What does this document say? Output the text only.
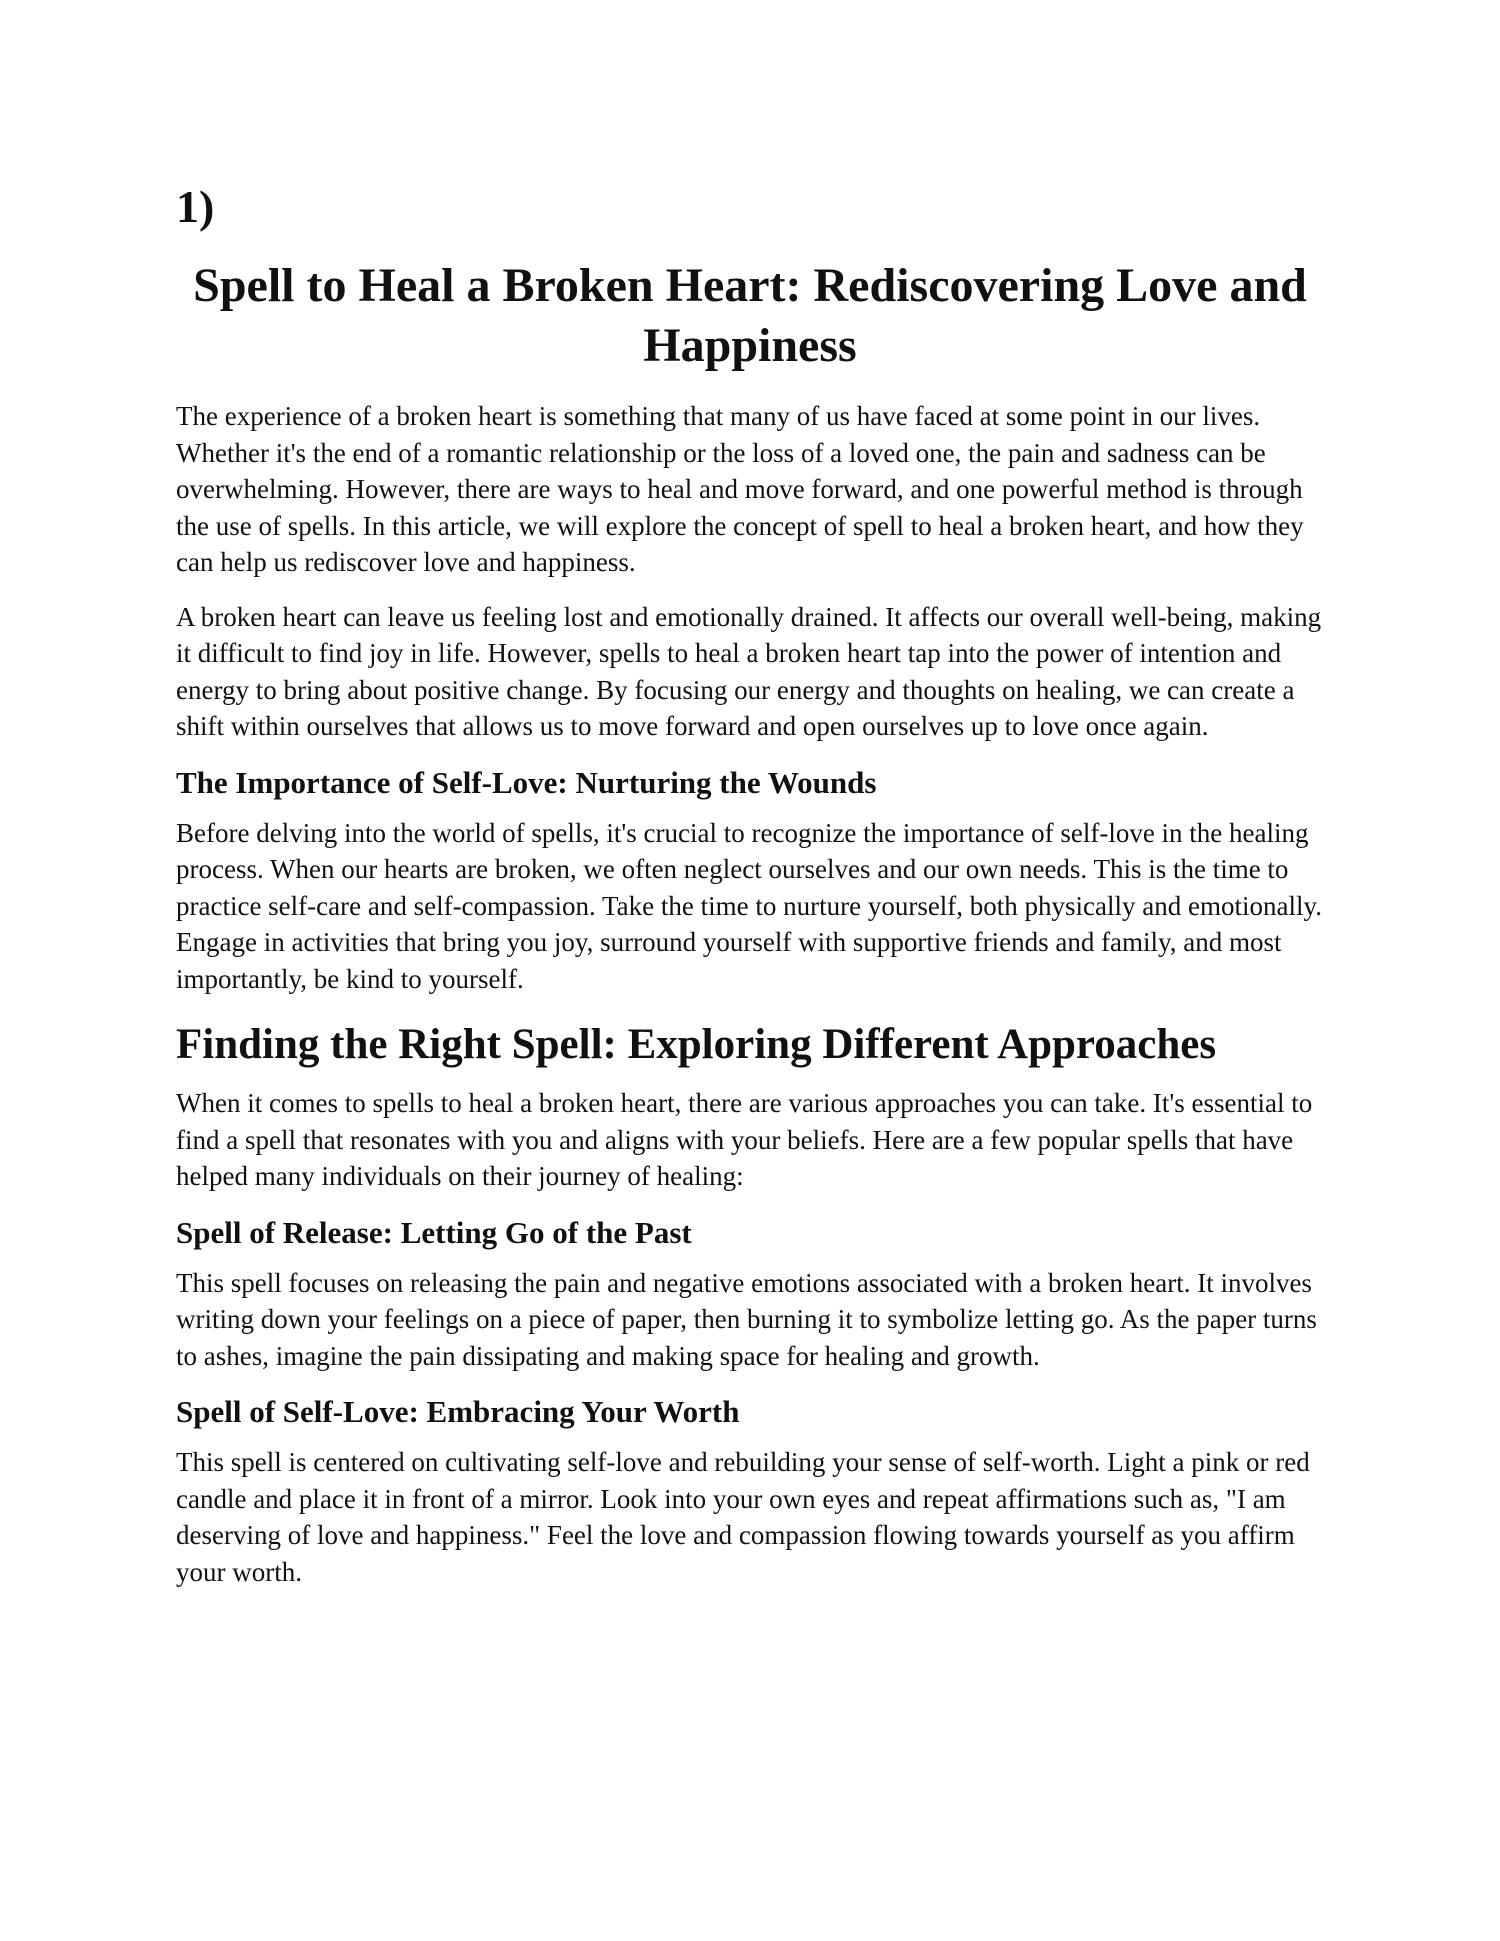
1)
Spell to Heal a Broken Heart: Rediscovering Love and Happiness

The experience of a broken heart is something that many of us have faced at some point in our lives. Whether it's the end of a romantic relationship or the loss of a loved one, the pain and sadness can be overwhelming. However, there are ways to heal and move forward, and one powerful method is through the use of spells. In this article, we will explore the concept of spell to heal a broken heart, and how they can help us rediscover love and happiness.

A broken heart can leave us feeling lost and emotionally drained. It affects our overall well-being, making it difficult to find joy in life. However, spells to heal a broken heart tap into the power of intention and energy to bring about positive change. By focusing our energy and thoughts on healing, we can create a shift within ourselves that allows us to move forward and open ourselves up to love once again.

The Importance of Self-Love: Nurturing the Wounds

Before delving into the world of spells, it's crucial to recognize the importance of self-love in the healing process. When our hearts are broken, we often neglect ourselves and our own needs. This is the time to practice self-care and self-compassion. Take the time to nurture yourself, both physically and emotionally. Engage in activities that bring you joy, surround yourself with supportive friends and family, and most importantly, be kind to yourself.

Finding the Right Spell: Exploring Different Approaches

When it comes to spells to heal a broken heart, there are various approaches you can take. It's essential to find a spell that resonates with you and aligns with your beliefs. Here are a few popular spells that have helped many individuals on their journey of healing:

Spell of Release: Letting Go of the Past

This spell focuses on releasing the pain and negative emotions associated with a broken heart. It involves writing down your feelings on a piece of paper, then burning it to symbolize letting go. As the paper turns to ashes, imagine the pain dissipating and making space for healing and growth.

Spell of Self-Love: Embracing Your Worth

This spell is centered on cultivating self-love and rebuilding your sense of self-worth. Light a pink or red candle and place it in front of a mirror. Look into your own eyes and repeat affirmations such as, "I am deserving of love and happiness." Feel the love and compassion flowing towards yourself as you affirm your worth.
